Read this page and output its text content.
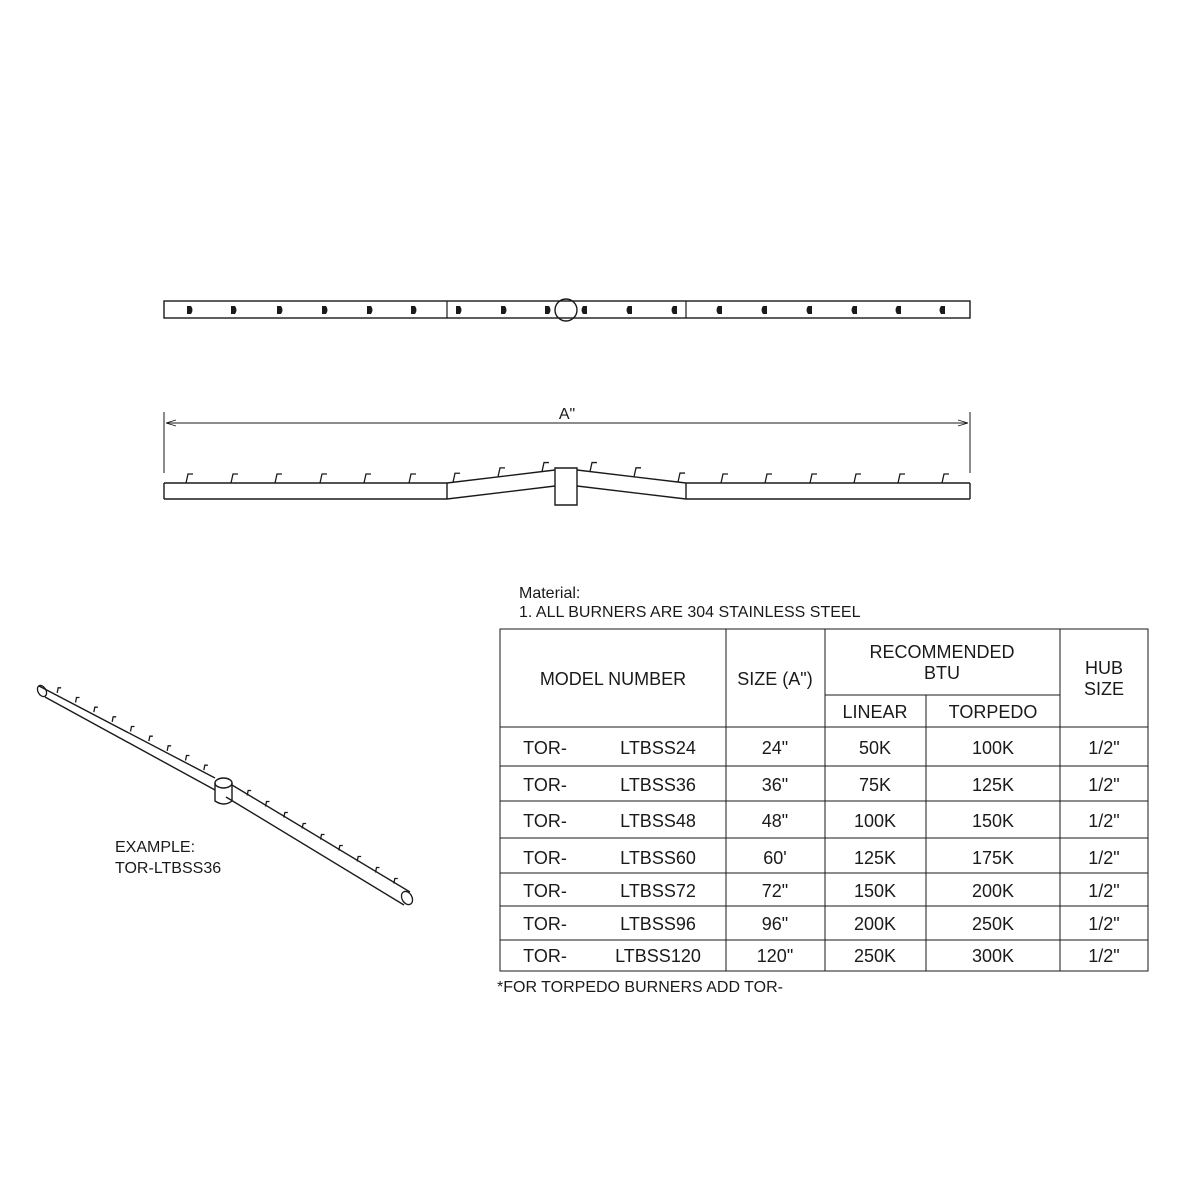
A"
EXAMPLE:
TOR-LTBSS36
Material:
1. ALL BURNERS ARE 304 STAINLESS STEEL
MODEL NUMBER	SIZE (A")
RECOMMENDED
BTU
LINEAR TORPEDO
HUB
SIZE
TOR-	LTBSS24	24"	50K	100K	1/2"
TOR-	LTBSS36	36"	75K	125K	1/2"
TOR-	LTBSS48	48"	100K	150K	1/2"
TOR-	LTBSS60	60'	125K	175K	1/2"
TOR-	LTBSS72	72"	150K	200K	1/2"
TOR-	LTBSS96	96"	200K	250K	1/2"
TOR-	LTBSS120	120"	250K	300K	1/2"
*FOR TORPEDO BURNERS ADD TOR-
